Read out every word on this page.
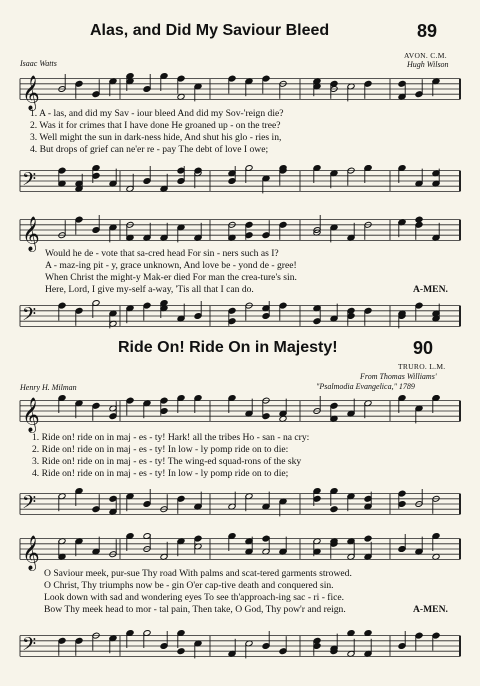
Alas, and Did My Saviour Bleed	89
Isaac Watts
AVON. C.M.
Hugh Wilson
𝄞
1. A - las, and did my Sav - iour bleed And did my Sov-'reign die?
2. Was it for crimes that I have done He groaned up - on the tree?
3. Well might the sun in dark-ness hide, And shut his glo - ries in,
4. But drops of grief can ne'er re - pay The debt of love I owe;
𝄢
𝄞
Would he de - vote that sa-cred head For sin - ners such as I?
A - maz-ing pit - y, grace unknown, And love be - yond de - gree!
When Christ the might-y Mak-er died For man the crea-ture's sin.
Here, Lord, I give my-self a-way, 'Tis all that I can do.	A-MEN.
𝄢
Ride On! Ride On in Majesty!	90
TRURO. L.M.
From Thomas Williams'
"Psalmodia Evangelica," 1789
Henry H. Milman
𝄞
1. Ride on! ride on in maj - es - ty! Hark! all the tribes Ho - san - na cry:
2. Ride on! ride on in maj - es - ty! In low - ly pomp ride on to die:
3. Ride on! ride on in maj - es - ty! The wing-ed squad-rons of the sky
4. Ride on! ride on in maj - es - ty! In low - ly pomp ride on to die;
𝄢
𝄞
O Saviour meek, pur-sue Thy road With palms and scat-tered garments strowed.
O Christ, Thy triumphs now be - gin O'er cap-tive death and conquered sin.
Look down with sad and wondering eyes To see th'approach-ing sac - ri - fice.
Bow Thy meek head to mor - tal pain, Then take, O God, Thy pow'r and reign.	A-MEN.
𝄢
